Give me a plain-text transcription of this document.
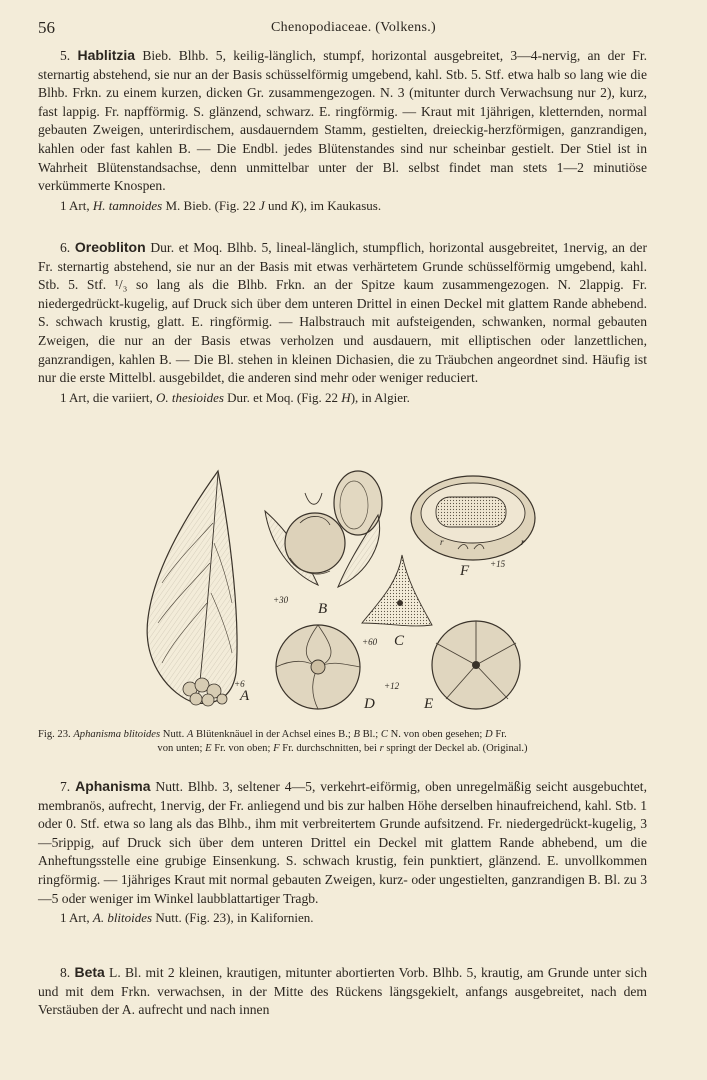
56	Chenopodiaceae. (Volkens.)

5. Hablitzia Bieb. Blhb. 5, keilig-länglich, stumpf, horizontal ausgebreitet, 3—4-nervig, an der Fr. sternartig abstehend, sie nur an der Basis schüsselförmig umgebend, kahl. Stb. 5. Stf. etwa halb so lang wie die Blhb. Frkn. zu einem kurzen, dicken Gr. zusammengezogen. N. 3 (mitunter durch Verwachsung nur 2), kurz, fast lappig. Fr. napfförmig. S. glänzend, schwarz. E. ringförmig. — Kraut mit 1jährigen, kletternden, normal gebauten Zweigen, unterirdischem, ausdauerndem Stamm, gestielten, dreieckig-herzförmigen, ganzrandigen, kahlen oder fast kahlen B. — Die Endbl. jedes Blütenstandes sind nur scheinbar gestielt. Der Stiel ist in Wahrheit Blütenstandsachse, denn unmittelbar unter der Bl. selbst findet man stets 1—2 minutiöse verkümmerte Knospen.

1 Art, H. tamnoides M. Bieb. (Fig. 22 J und K), im Kaukasus.

6. Oreobliton Dur. et Moq. Blhb. 5, lineal-länglich, stumpflich, horizontal ausgebreitet, 1nervig, an der Fr. sternartig abstehend, sie nur an der Basis mit etwas verhärtetem Grunde schüsselförmig umgebend, kahl. Stb. 5. Stf. ¹/₃ so lang als die Blhb. Frkn. an der Spitze kaum zusammengezogen. N. 2lappig. Fr. niedergedrückt-kugelig, auf Druck sich über dem unteren Drittel in einen Deckel mit glattem Rande abhebend. S. schwach krustig, glatt. E. ringförmig. — Halbstrauch mit aufsteigenden, schwanken, normal gebauten Zweigen, die nur an der Basis etwas verholzen und ausdauern, mit elliptischen oder lanzettlichen, ganzrandigen, kahlen B. — Die Bl. stehen in kleinen Dichasien, die zu Träubchen angeordnet sind. Häufig ist nur die erste Mittelbl. ausgebildet, die anderen sind mehr oder weniger reduciert.

1 Art, die variiert, O. thesioides Dur. et Moq. (Fig. 22 H), in Algier.

A
+6
+30
B
+60 C
+12
D	E
r	r
F +15
Fig. 23. Aphanisma blitoides Nutt. A Blütenknäuel in der Achsel eines B.; B Bl.; C N. von oben gesehen; D Fr.
von unten; E Fr. von oben; F Fr. durchschnitten, bei r springt der Deckel ab. (Original.)

7. Aphanisma Nutt. Blhb. 3, seltener 4—5, verkehrt-eiförmig, oben unregelmäßig seicht ausgebuchtet, membranös, aufrecht, 1nervig, der Fr. anliegend und bis zur halben Höhe derselben hinaufreichend, kahl. Stb. 1 oder 0. Stf. etwa so lang als das Blhb., ihm mit verbreitertem Grunde aufsitzend. Fr. niedergedrückt-kugelig, 3—5rippig, auf Druck sich über dem unteren Drittel ein Deckel mit glattem Rande abhebend, um die Anheftungsstelle eine grubige Einsenkung. S. schwach krustig, fein punktiert, glänzend. E. unvollkommen ringförmig. — 1jähriges Kraut mit normal gebauten Zweigen, kurz- oder ungestielten, ganzrandigen B. Bl. zu 3—5 oder weniger im Winkel laubblattartiger Tragb.

1 Art, A. blitoides Nutt. (Fig. 23), in Kalifornien.

8. Beta L. Bl. mit 2 kleinen, krautigen, mitunter abortierten Vorb. Blhb. 5, krautig, am Grunde unter sich und mit dem Frkn. verwachsen, in der Mitte des Rückens längsgekielt, anfangs ausgebreitet, nach dem Verstäuben der A. aufrecht und nach innen
